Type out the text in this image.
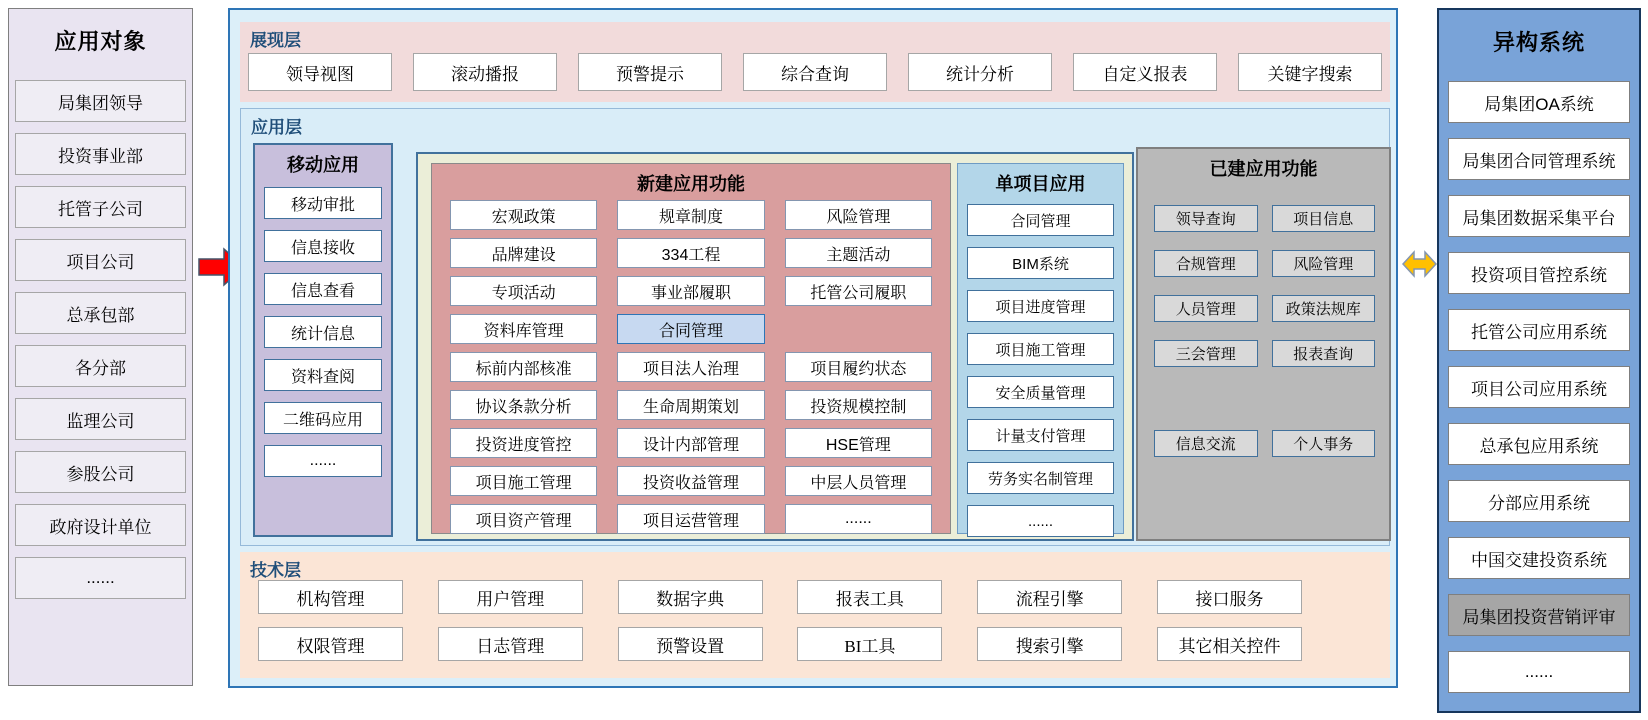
应用对象
局集团领导
投资事业部
托管子公司
项目公司
总承包部
各分部
监理公司
参股公司
政府设计单位
......
展现层
领导视图	滚动播报	预警提示	综合查询	统计分析	自定义报表	关键字搜索
应用层
移动应用
移动审批
信息接收
信息查看
统计信息
资料查阅
二维码应用
......
新建应用功能
宏观政策	规章制度	风险管理
品牌建设	334工程	主题活动
专项活动	事业部履职	托管公司履职
资料库管理	合同管理
标前内部核准	项目法人治理	项目履约状态
协议条款分析	生命周期策划	投资规模控制
投资进度管控	设计内部管理	HSE管理
项目施工管理	投资收益管理	中层人员管理
项目资产管理	项目运营管理	......
单项目应用
合同管理
BIM系统
项目进度管理
项目施工管理
安全质量管理
计量支付管理
劳务实名制管理
......
已建应用功能
领导查询	项目信息
合规管理	风险管理
人员管理	政策法规库
三会管理	报表查询
信息交流	个人事务
技术层
机构管理	用户管理	数据字典	报表工具	流程引擎	接口服务
权限管理	日志管理	预警设置	BI工具	搜索引擎	其它相关控件
异构系统
局集团OA系统
局集团合同管理系统
局集团数据采集平台
投资项目管控系统
托管公司应用系统
项目公司应用系统
总承包应用系统
分部应用系统
中国交建投资系统
局集团投资营销评审
......
